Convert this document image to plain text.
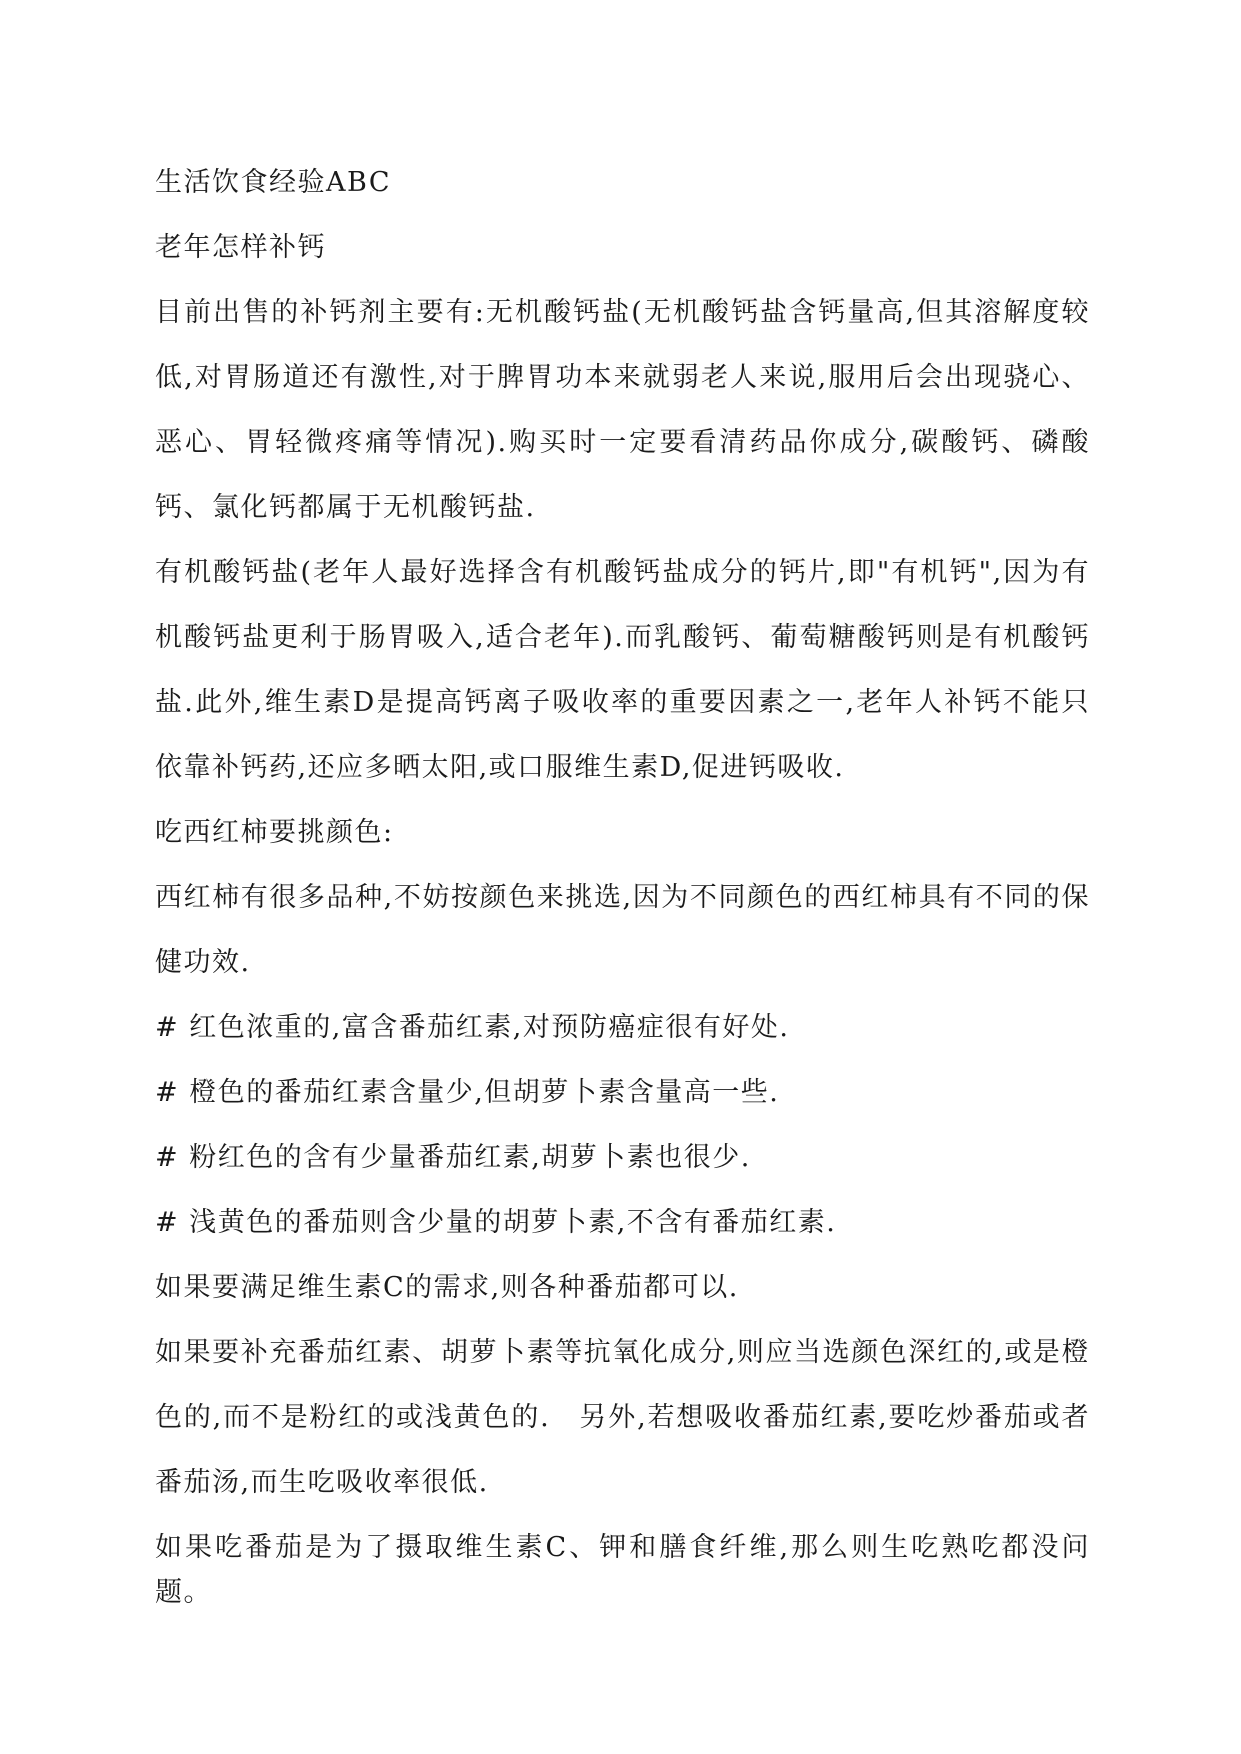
生活饮食经验ABC

老年怎样补钙

目前出售的补钙剂主要有:无机酸钙盐(无机酸钙盐含钙量高,但其溶解度较低,对胃肠道还有激性,对于脾胃功本来就弱老人来说,服用后会出现骁心、恶心、胃轻微疼痛等情况).购买时一定要看清药品你成分,碳酸钙、磷酸钙、氯化钙都属于无机酸钙盐.

有机酸钙盐(老年人最好选择含有机酸钙盐成分的钙片,即"有机钙",因为有机酸钙盐更利于肠胃吸入,适合老年).而乳酸钙、葡萄糖酸钙则是有机酸钙盐.此外,维生素D是提高钙离子吸收率的重要因素之一,老年人补钙不能只依靠补钙药,还应多晒太阳,或口服维生素D,促进钙吸收.

吃西红柿要挑颜色:

西红柿有很多品种,不妨按颜色来挑选,因为不同颜色的西红柿具有不同的保健功效.

# 红色浓重的,富含番茄红素,对预防癌症很有好处.

# 橙色的番茄红素含量少,但胡萝卜素含量高一些.

# 粉红色的含有少量番茄红素,胡萝卜素也很少.

# 浅黄色的番茄则含少量的胡萝卜素,不含有番茄红素.

如果要满足维生素C的需求,则各种番茄都可以.

如果要补充番茄红素、胡萝卜素等抗氧化成分,则应当选颜色深红的,或是橙色的,而不是粉红的或浅黄色的.　另外,若想吸收番茄红素,要吃炒番茄或者番茄汤,而生吃吸收率很低.

如果吃番茄是为了摄取维生素C、钾和膳食纤维,那么则生吃熟吃都没问题。
